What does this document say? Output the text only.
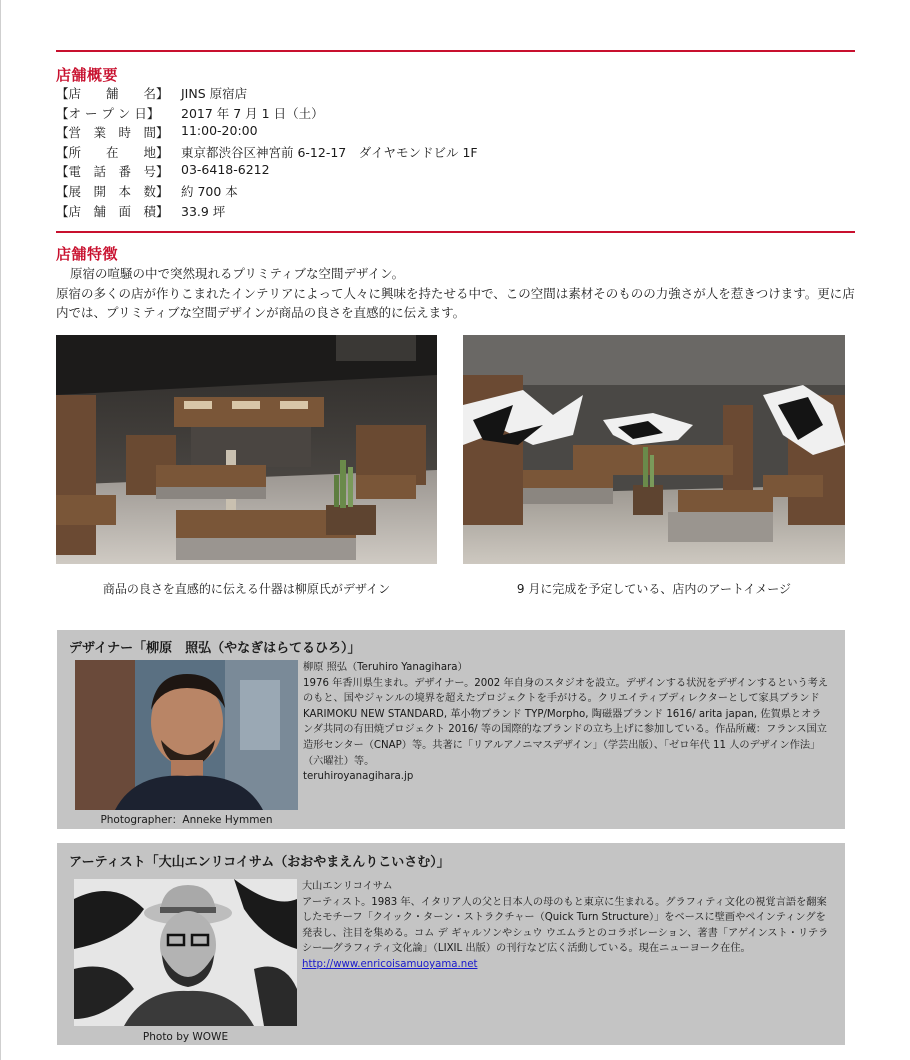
店舗概要
【店　　舗　　名】 JINS 原宿店
【オ ー プ ン 日】	2017 年 7 月 1 日（土）
【営　業　時　間】 11:00-20:00
【所　　在　　地】 東京都渋谷区神宮前 6-12-17　ダイヤモンドビル 1F
【電　話　番　号】 03-6418-6212
【展　開　本　数】 約 700 本
【店　舗　面　積】 33.9 坪
店舗特徴
原宿の喧騒の中で突然現れるプリミティブな空間デザイン。
原宿の多くの店が作りこまれたインテリアによって人々に興味を持たせる中で、この空間は素材そのものの力強さが人を惹きつけます。更に店内では、プリミティブな空間デザインが商品の良さを直感的に伝えます。
商品の良さを直感的に伝える什器は柳原氏がデザイン	9 月に完成を予定している、店内のアートイメージ
デザイナー「柳原　照弘（やなぎはらてるひろ）」
Photographer：Anneke Hymmen
柳原 照弘（Teruhiro Yanagihara）
1976 年香川県生まれ。デザイナー。2002 年自身のスタジオを設立。デザインする状況をデザインするという考えのもと、国やジャンルの境界を超えたプロジェクトを手がける。クリエイティブディレクターとして家具ブランド KARIMOKU NEW STANDARD, 革小物ブランド TYP/Morpho, 陶磁器ブランド 1616/ arita japan, 佐賀県とオランダ共同の有田焼プロジェクト 2016/ 等の国際的なブランドの立ち上げに参加している。作品所蔵：フランス国立造形センター（CNAP）等。共著に「リアルアノニマスデザイン」（学芸出版）、「ゼロ年代 11 人のデザイン作法」（六曜社）等。
teruhiroyanagihara.jp
アーティスト「大山エンリコイサム（おおやまえんりこいさむ）」
Photo by WOWE
大山エンリコイサム
アーティスト。1983 年、イタリア人の父と日本人の母のもと東京に生まれる。グラフィティ文化の視覚言語を翻案したモチーフ「クイック・ターン・ストラクチャー（Quick Turn Structure）」をベースに壁画やペインティングを発表し、注目を集める。コム デ ギャルソンやシュウ ウエムラとのコラボレーション、著書「アゲインスト・リテラシー―グラフィティ文化論」（LIXIL 出版）の刊行など広く活動している。現在ニューヨーク在住。
http://www.enricoisamuoyama.net
